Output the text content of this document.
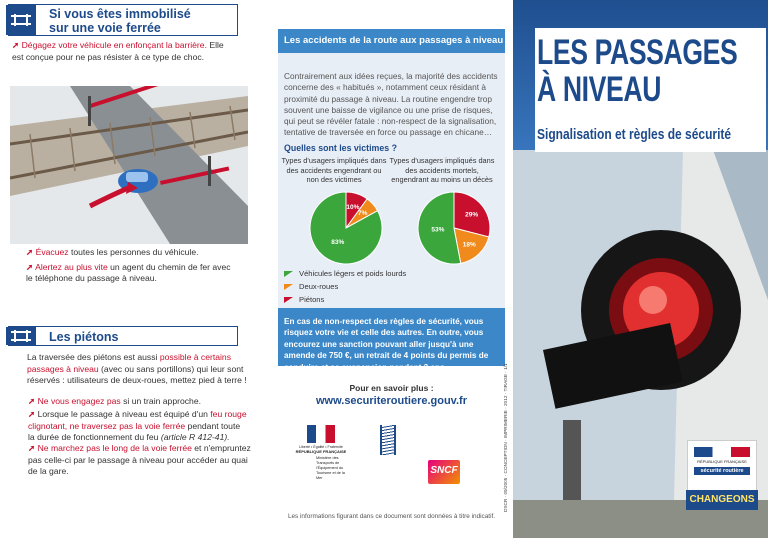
Si vous êtes immobilisé
sur une voie ferrée
➚ Dégagez votre véhicule en enfonçant la barrière. Elle
est conçue pour ne pas résister à ce type de choc.
➚ Évacuez toutes les personnes du véhicule.
➚ Alertez au plus vite un agent du chemin de fer avec
le téléphone du passage à niveau.
Les piétons
La traversée des piétons est aussi possible à certains
passages à niveau (avec ou sans portillons) qui leur sont
réservés : utilisateurs de deux-roues, mettez pied à terre !
➚ Ne vous engagez pas si un train approche.
➚ Lorsque le passage à niveau est équipé d'un feu rouge
clignotant, ne traversez pas la voie ferrée pendant toute
la durée de fonctionnement du feu (article R 412-41).
➚ Ne marchez pas le long de la voie ferrée et n'empruntez
pas celle-ci par le passage à niveau pour accéder au quai
de la gare.
Les accidents de la route aux passages à niveau
Contrairement aux idées reçues, la majorité des accidents concerne des « habitués », notamment ceux résidant à proximité du passage à niveau. La routine engendre trop souvent une baisse de vigilance ou une prise de risques, qui peut se révéler fatale : non-respect de la signalisation, tentative de traversée en force ou passage en chicane…
Quelles sont les victimes ?
Types d'usagers impliqués dans des accidents engendrant ou non des victimes
Types d'usagers impliqués dans des accidents mortels, engendrant au moins un décès
10%
7%
83%
29%
18%
53%
Véhicules légers et poids lourds
Deux-roues
Piétons
En cas de non-respect des règles de sécurité, vous risquez votre vie et celle des autres. En outre, vous encourez une sanction pouvant aller jusqu'à une amende de 750 €, un retrait de 4 points du permis de conduire et sa suspension pendant 3 ans.
Pour en savoir plus :
www.securiteroutiere.gouv.fr	DSCR · 09/2005 · CONCEPTION · IMPRIMERIE · 2012 · TIRAGE · 1/1
Liberté • Égalité • Fraternité
RÉPUBLIQUE FRANÇAISE
Ministère des Transports de l'Équipement du Tourisme et de la Mer
SNCF
Les informations figurant dans ce document sont données à titre indicatif.
LES PASSAGES
À NIVEAU
Signalisation et règles de sécurité
RÉPUBLIQUE FRANÇAISE
sécurité routière
CHANGEONS
